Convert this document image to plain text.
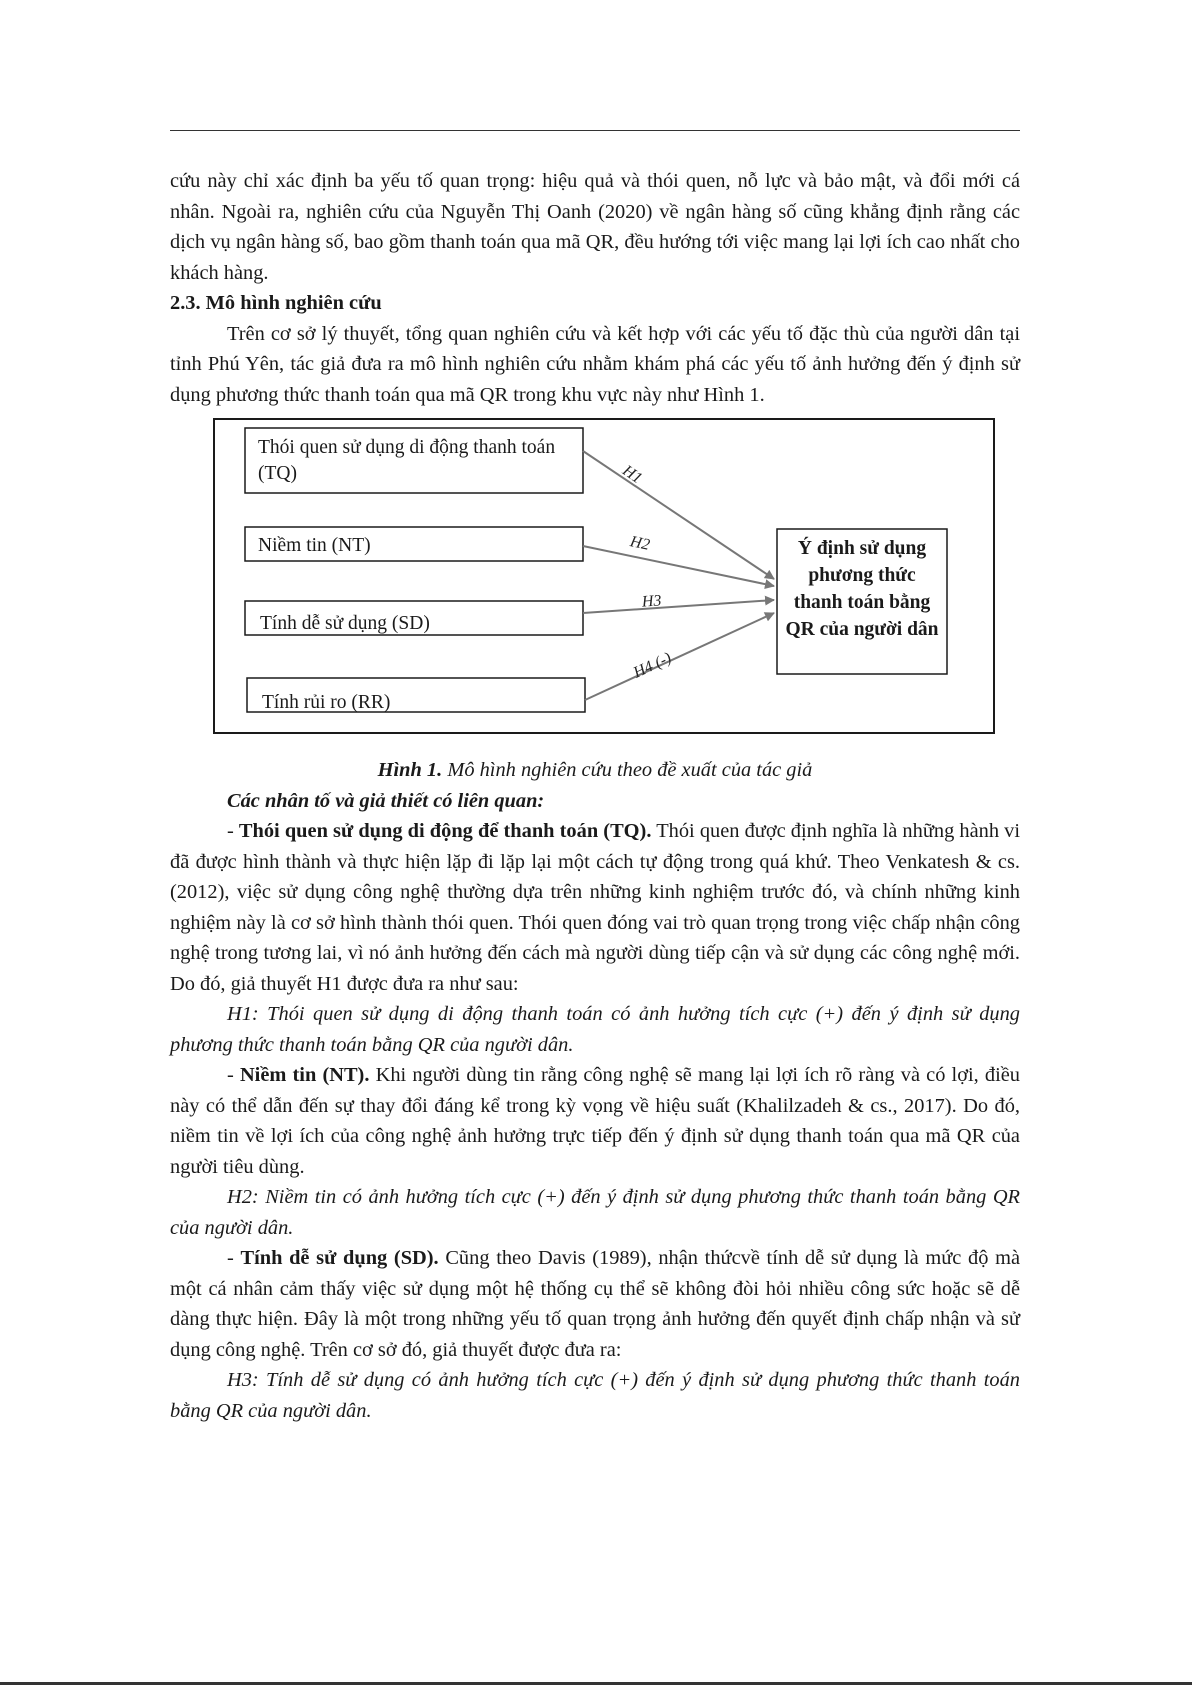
cứu này chỉ xác định ba yếu tố quan trọng: hiệu quả và thói quen, nỗ lực và bảo mật, và đổi mới cá nhân. Ngoài ra, nghiên cứu của Nguyễn Thị Oanh (2020) về ngân hàng số cũng khẳng định rằng các dịch vụ ngân hàng số, bao gồm thanh toán qua mã QR, đều hướng tới việc mang lại lợi ích cao nhất cho khách hàng.

2.3. Mô hình nghiên cứu

Trên cơ sở lý thuyết, tổng quan nghiên cứu và kết hợp với các yếu tố đặc thù của người dân tại tỉnh Phú Yên, tác giả đưa ra mô hình nghiên cứu nhằm khám phá các yếu tố ảnh hưởng đến ý định sử dụng phương thức thanh toán qua mã QR trong khu vực này như Hình 1.

Thói quen sử dụng di động thanh toán (TQ)
Niềm tin (NT)
Tính dễ sử dụng (SD)
Tính rủi ro (RR)
Ý định sử dụng phương thức thanh toán bằng QR của người dân
H1
H2
H3
H4 (-)

Hình 1. Mô hình nghiên cứu theo đề xuất của tác giả

Các nhân tố và giả thiết có liên quan:

- Thói quen sử dụng di động để thanh toán (TQ). Thói quen được định nghĩa là những hành vi đã được hình thành và thực hiện lặp đi lặp lại một cách tự động trong quá khứ. Theo Venkatesh & cs. (2012), việc sử dụng công nghệ thường dựa trên những kinh nghiệm trước đó, và chính những kinh nghiệm này là cơ sở hình thành thói quen. Thói quen đóng vai trò quan trọng trong việc chấp nhận công nghệ trong tương lai, vì nó ảnh hưởng đến cách mà người dùng tiếp cận và sử dụng các công nghệ mới. Do đó, giả thuyết H1 được đưa ra như sau:

H1: Thói quen sử dụng di động thanh toán có ảnh hưởng tích cực (+) đến ý định sử dụng phương thức thanh toán bằng QR của người dân.

- Niềm tin (NT). Khi người dùng tin rằng công nghệ sẽ mang lại lợi ích rõ ràng và có lợi, điều này có thể dẫn đến sự thay đổi đáng kể trong kỳ vọng về hiệu suất (Khalilzadeh & cs., 2017). Do đó, niềm tin về lợi ích của công nghệ ảnh hưởng trực tiếp đến ý định sử dụng thanh toán qua mã QR của người tiêu dùng.

H2: Niềm tin có ảnh hưởng tích cực (+) đến ý định sử dụng phương thức thanh toán bằng QR của người dân.

- Tính dễ sử dụng (SD). Cũng theo Davis (1989), nhận thứcvề tính dễ sử dụng là mức độ mà một cá nhân cảm thấy việc sử dụng một hệ thống cụ thể sẽ không đòi hỏi nhiều công sức hoặc sẽ dễ dàng thực hiện. Đây là một trong những yếu tố quan trọng ảnh hưởng đến quyết định chấp nhận và sử dụng công nghệ. Trên cơ sở đó, giả thuyết được đưa ra:

H3: Tính dễ sử dụng có ảnh hưởng tích cực (+) đến ý định sử dụng phương thức thanh toán bằng QR của người dân.
